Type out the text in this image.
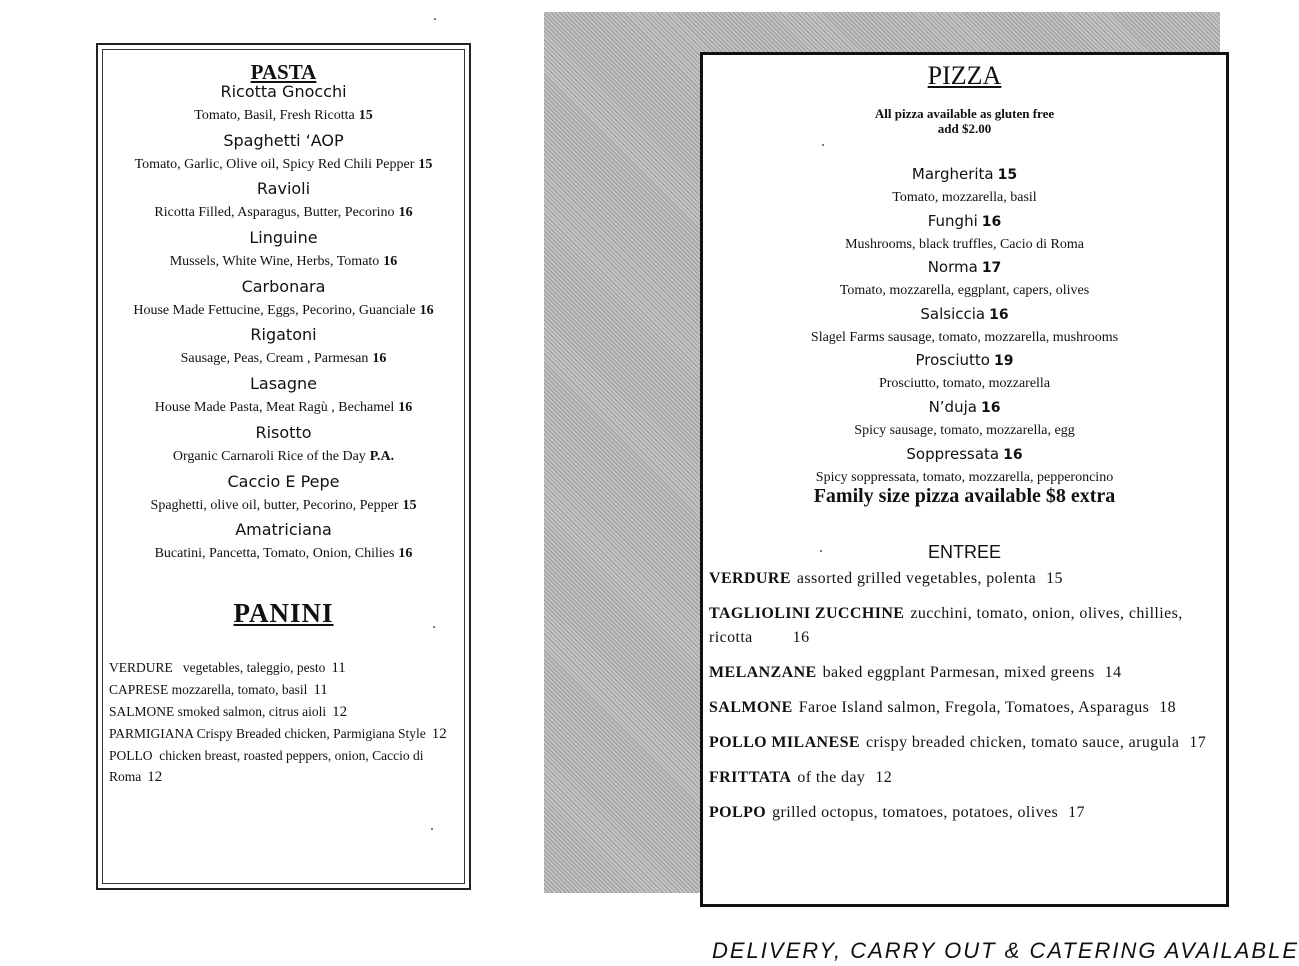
PASTA
Ricotta Gnocchi
Tomato, Basil, Fresh Ricotta 15
Spaghetti ‘AOP
Tomato, Garlic, Olive oil, Spicy Red Chili Pepper 15
Ravioli
Ricotta Filled, Asparagus, Butter, Pecorino 16
Linguine
Mussels, White Wine, Herbs, Tomato 16
Carbonara
House Made Fettucine, Eggs, Pecorino, Guanciale 16
Rigatoni
Sausage, Peas, Cream , Parmesan 16
Lasagne
House Made Pasta, Meat Ragù , Bechamel 16
Risotto
Organic Carnaroli Rice of the Day P.A.
Caccio E Pepe
Spaghetti, olive oil, butter, Pecorino, Pepper 15
Amatriciana
Bucatini, Pancetta, Tomato, Onion, Chilies 16
PANINI
VERDURE vegetables, taleggio, pesto 11
CAPRESE mozzarella, tomato, basil 11
SALMONE smoked salmon, citrus aioli 12
PARMIGIANA Crispy Breaded chicken, Parmigiana Style 12
POLLO chicken breast, roasted peppers, onion, Caccio di Roma 12
PIZZA
All pizza available as gluten free
add $2.00
Margherita 15
Tomato, mozzarella, basil
Funghi 16
Mushrooms, black truffles, Cacio di Roma
Norma 17
Tomato, mozzarella, eggplant, capers, olives
Salsiccia 16
Slagel Farms sausage, tomato, mozzarella, mushrooms
Prosciutto 19
Prosciutto, tomato, mozzarella
N’duja 16
Spicy sausage, tomato, mozzarella, egg
Soppressata 16
Spicy soppressata, tomato, mozzarella, pepperoncino
Family size pizza available $8 extra
ENTREE
VERDURE assorted grilled vegetables, polenta 15
TAGLIOLINI ZUCCHINE zucchini, tomato, onion, olives, chillies, ricotta	16
MELANZANE baked eggplant Parmesan, mixed greens 14
SALMONE Faroe Island salmon, Fregola, Tomatoes, Asparagus 18
POLLO MILANESE crispy breaded chicken, tomato sauce, arugula 17
FRITTATA of the day 12
POLPO grilled octopus, tomatoes, potatoes, olives 17
DELIVERY, CARRY OUT & CATERING AVAILABLE
